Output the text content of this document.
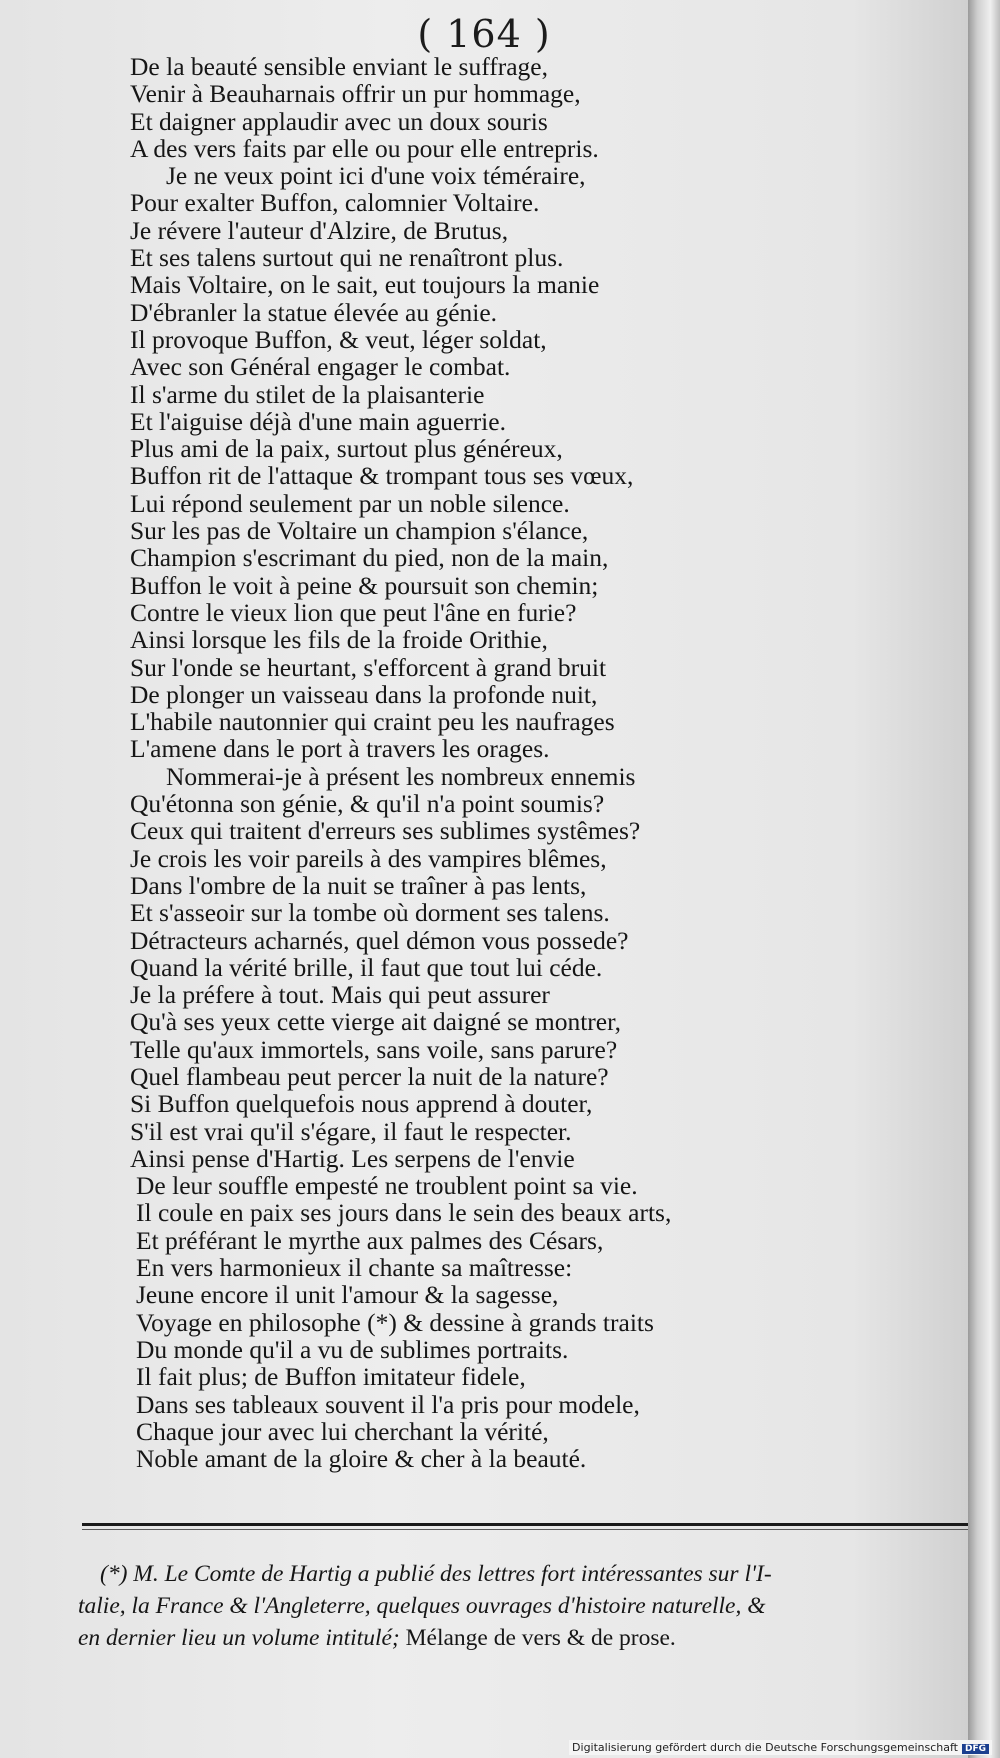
( 164 )
De la beauté sensible enviant le suffrage,
Venir à Beauharnais offrir un pur hommage,
Et daigner applaudir avec un doux souris
A des vers faits par elle ou pour elle entrepris.
Je ne veux point ici d'une voix téméraire,
Pour exalter Buffon, calomnier Voltaire.
Je révere l'auteur d'Alzire, de Brutus,
Et ses talens surtout qui ne renaîtront plus.
Mais Voltaire, on le sait, eut toujours la manie
D'ébranler la statue élevée au génie.
Il provoque Buffon, & veut, léger soldat,
Avec son Général engager le combat.
Il s'arme du stilet de la plaisanterie
Et l'aiguise déjà d'une main aguerrie.
Plus ami de la paix, surtout plus généreux,
Buffon rit de l'attaque & trompant tous ses vœux,
Lui répond seulement par un noble silence.
Sur les pas de Voltaire un champion s'élance,
Champion s'escrimant du pied, non de la main,
Buffon le voit à peine & poursuit son chemin;
Contre le vieux lion que peut l'âne en furie?
Ainsi lorsque les fils de la froide Orithie,
Sur l'onde se heurtant, s'efforcent à grand bruit
De plonger un vaisseau dans la profonde nuit,
L'habile nautonnier qui craint peu les naufrages
L'amene dans le port à travers les orages.
Nommerai-je à présent les nombreux ennemis
Qu'étonna son génie, & qu'il n'a point soumis?
Ceux qui traitent d'erreurs ses sublimes systêmes?
Je crois les voir pareils à des vampires blêmes,
Dans l'ombre de la nuit se traîner à pas lents,
Et s'asseoir sur la tombe où dorment ses talens.
Détracteurs acharnés, quel démon vous possede?
Quand la vérité brille, il faut que tout lui céde.
Je la préfere à tout. Mais qui peut assurer
Qu'à ses yeux cette vierge ait daigné se montrer,
Telle qu'aux immortels, sans voile, sans parure?
Quel flambeau peut percer la nuit de la nature?
Si Buffon quelquefois nous apprend à douter,
S'il est vrai qu'il s'égare, il faut le respecter.
Ainsi pense d'Hartig. Les serpens de l'envie
De leur souffle empesté ne troublent point sa vie.
Il coule en paix ses jours dans le sein des beaux arts,
Et préférant le myrthe aux palmes des Césars,
En vers harmonieux il chante sa maîtresse:
Jeune encore il unit l'amour & la sagesse,
Voyage en philosophe (*) & dessine à grands traits
Du monde qu'il a vu de sublimes portraits.
Il fait plus; de Buffon imitateur fidele,
Dans ses tableaux souvent il l'a pris pour modele,
Chaque jour avec lui cherchant la vérité,
Noble amant de la gloire & cher à la beauté.
(*) M. Le Comte de Hartig a publié des lettres fort intéressantes sur l'I-
talie, la France & l'Angleterre, quelques ouvrages d'histoire naturelle, &
en dernier lieu un volume intitulé; Mélange de vers & de prose.
Digitalisierung gefördert durch die Deutsche Forschungsgemeinschaft DFG
